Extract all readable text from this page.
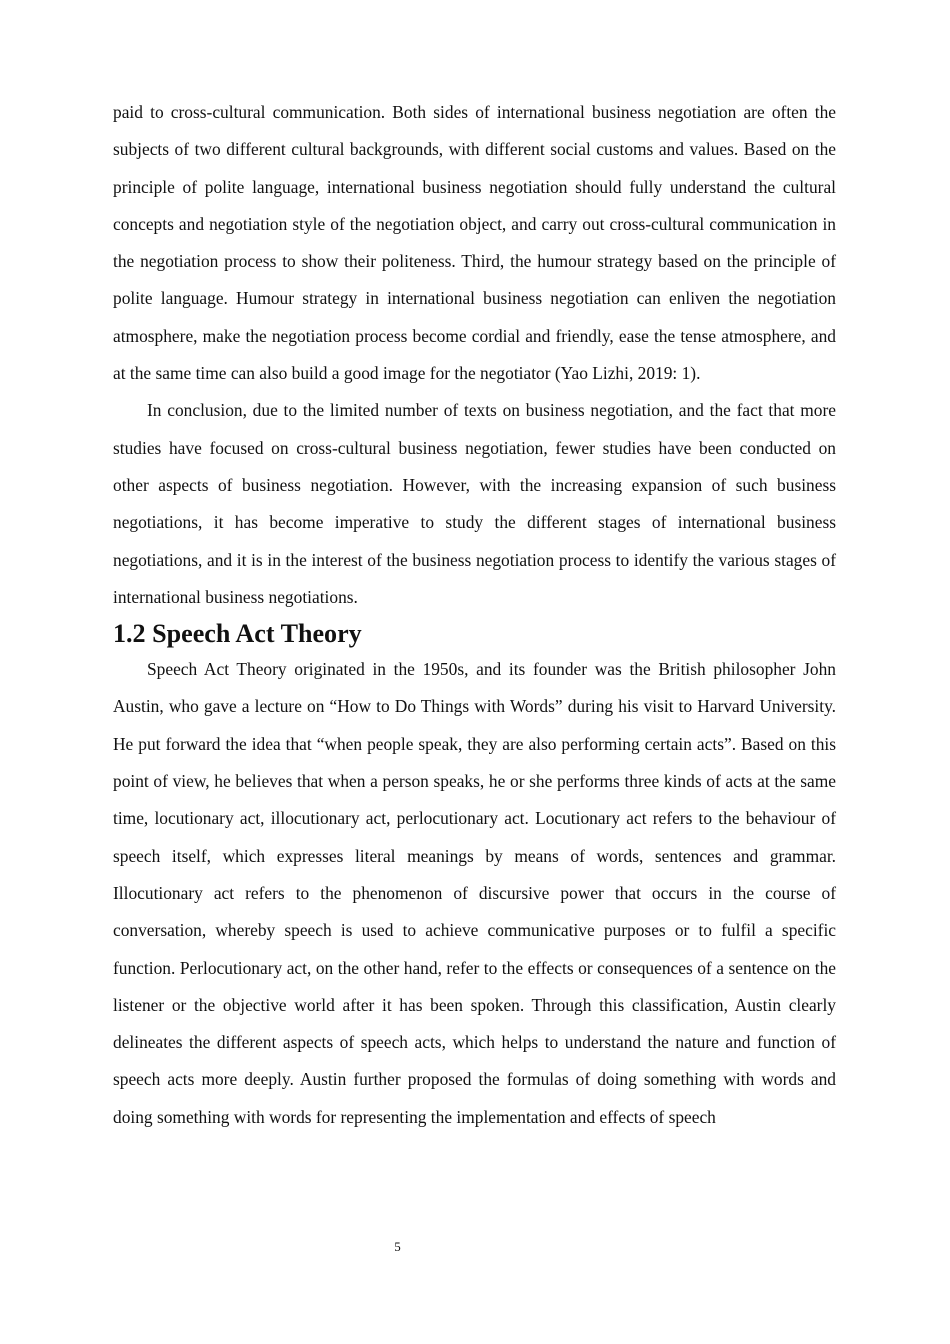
paid to cross-cultural communication. Both sides of international business negotiation are often the subjects of two different cultural backgrounds, with different social customs and values. Based on the principle of polite language, international business negotiation should fully understand the cultural concepts and negotiation style of the negotiation object, and carry out cross-cultural communication in the negotiation process to show their politeness. Third, the humour strategy based on the principle of polite language. Humour strategy in international business negotiation can enliven the negotiation atmosphere, make the negotiation process become cordial and friendly, ease the tense atmosphere, and at the same time can also build a good image for the negotiator (Yao Lizhi, 2019: 1).

In conclusion, due to the limited number of texts on business negotiation, and the fact that more studies have focused on cross-cultural business negotiation, fewer studies have been conducted on other aspects of business negotiation. However, with the increasing expansion of such business negotiations, it has become imperative to study the different stages of international business negotiations, and it is in the interest of the business negotiation process to identify the various stages of international business negotiations.

1.2 Speech Act Theory

Speech Act Theory originated in the 1950s, and its founder was the British philosopher John Austin, who gave a lecture on “How to Do Things with Words” during his visit to Harvard University. He put forward the idea that “when people speak, they are also performing certain acts”. Based on this point of view, he believes that when a person speaks, he or she performs three kinds of acts at the same time, locutionary act, illocutionary act, perlocutionary act. Locutionary act refers to the behaviour of speech itself, which expresses literal meanings by means of words, sentences and grammar. Illocutionary act refers to the phenomenon of discursive power that occurs in the course of conversation, whereby speech is used to achieve communicative purposes or to fulfil a specific function. Perlocutionary act, on the other hand, refer to the effects or consequences of a sentence on the listener or the objective world after it has been spoken. Through this classification, Austin clearly delineates the different aspects of speech acts, which helps to understand the nature and function of speech acts more deeply. Austin further proposed the formulas of doing something with words and doing something with words for representing the implementation and effects of speech

5
